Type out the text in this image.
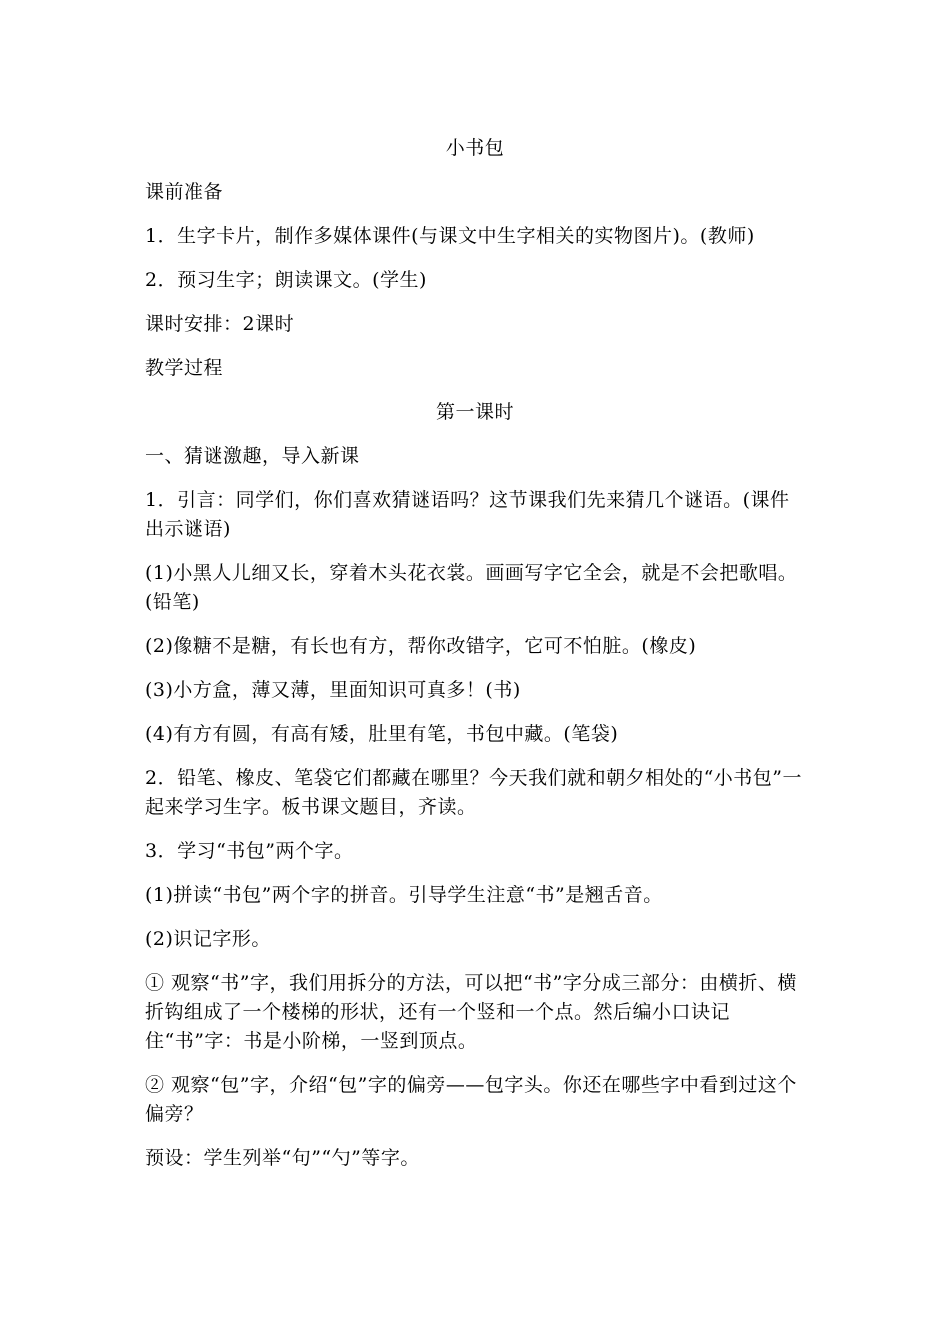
小书包
课前准备
1．生字卡片，制作多媒体课件(与课文中生字相关的实物图片)。(教师)
2．预习生字；朗读课文。(学生)
课时安排：2课时
教学过程
第一课时
一、猜谜激趣，导入新课
1．引言：同学们，你们喜欢猜谜语吗？这节课我们先来猜几个谜语。(课件出示谜语)
(1)小黑人儿细又长，穿着木头花衣裳。画画写字它全会，就是不会把歌唱。(铅笔)
(2)像糖不是糖，有长也有方，帮你改错字，它可不怕脏。(橡皮)
(3)小方盒，薄又薄，里面知识可真多！(书)
(4)有方有圆，有高有矮，肚里有笔，书包中藏。(笔袋)
2．铅笔、橡皮、笔袋它们都藏在哪里？今天我们就和朝夕相处的“小书包”一起来学习生字。板书课文题目，齐读。
3．学习“书包”两个字。
(1)拼读“书包”两个字的拼音。引导学生注意“书”是翘舌音。
(2)识记字形。
① 观察“书”字，我们用拆分的方法，可以把“书”字分成三部分：由横折、横折钩组成了一个楼梯的形状，还有一个竖和一个点。然后编小口诀记住“书”字：书是小阶梯，一竖到顶点。
② 观察“包”字，介绍“包”字的偏旁——包字头。你还在哪些字中看到过这个偏旁？
预设：学生列举“句”“勺”等字。
